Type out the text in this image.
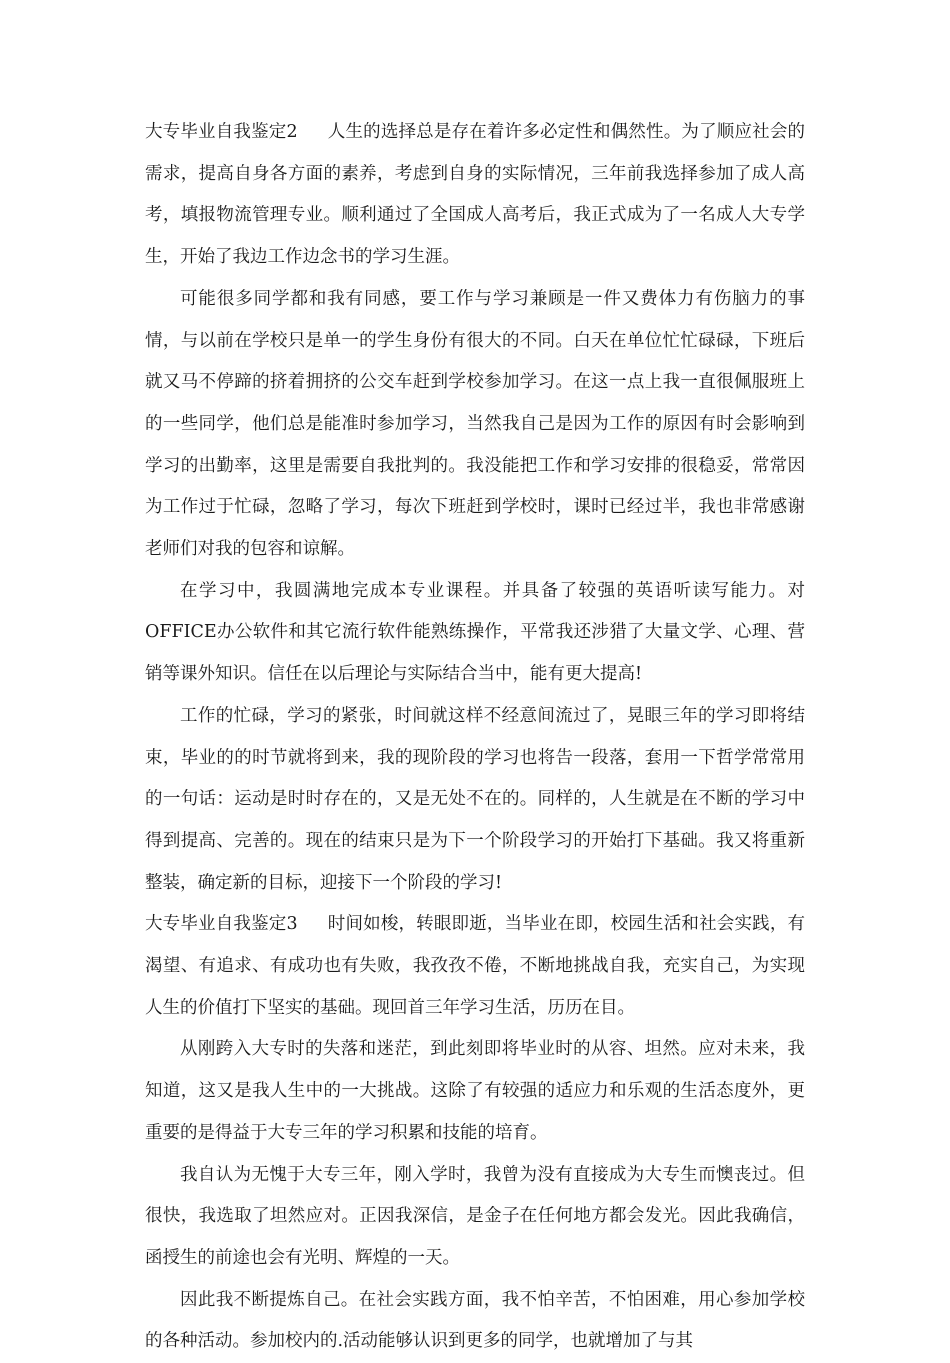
大专毕业自我鉴定2 人生的选择总是存在着许多必定性和偶然性。为了顺应社会的需求，提高自身各方面的素养，考虑到自身的实际情况，三年前我选择参加了成人高考，填报物流管理专业。顺利通过了全国成人高考后，我正式成为了一名成人大专学生，开始了我边工作边念书的学习生涯。

可能很多同学都和我有同感，要工作与学习兼顾是一件又费体力有伤脑力的事情，与以前在学校只是单一的学生身份有很大的不同。白天在单位忙忙碌碌，下班后就又马不停蹄的挤着拥挤的公交车赶到学校参加学习。在这一点上我一直很佩服班上的一些同学，他们总是能准时参加学习，当然我自己是因为工作的原因有时会影响到学习的出勤率，这里是需要自我批判的。我没能把工作和学习安排的很稳妥，常常因为工作过于忙碌，忽略了学习，每次下班赶到学校时，课时已经过半，我也非常感谢老师们对我的包容和谅解。

在学习中，我圆满地完成本专业课程。并具备了较强的英语听读写能力。对OFFICE办公软件和其它流行软件能熟练操作，平常我还涉猎了大量文学、心理、营销等课外知识。信任在以后理论与实际结合当中，能有更大提高!

工作的忙碌，学习的紧张，时间就这样不经意间流过了，晃眼三年的学习即将结束，毕业的的时节就将到来，我的现阶段的学习也将告一段落，套用一下哲学常常用的一句话：运动是时时存在的，又是无处不在的。同样的，人生就是在不断的学习中得到提高、完善的。现在的结束只是为下一个阶段学习的开始打下基础。我又将重新整装，确定新的目标，迎接下一个阶段的学习!

大专毕业自我鉴定3 时间如梭，转眼即逝，当毕业在即，校园生活和社会实践，有渴望、有追求、有成功也有失败，我孜孜不倦，不断地挑战自我，充实自己，为实现人生的价值打下坚实的基础。现回首三年学习生活，历历在目。

从刚跨入大专时的失落和迷茫，到此刻即将毕业时的从容、坦然。应对未来，我知道，这又是我人生中的一大挑战。这除了有较强的适应力和乐观的生活态度外，更重要的是得益于大专三年的学习积累和技能的培育。

我自认为无愧于大专三年，刚入学时，我曾为没有直接成为大专生而懊丧过。但很快，我选取了坦然应对。正因我深信，是金子在任何地方都会发光。因此我确信，函授生的前途也会有光明、辉煌的一天。

因此我不断提炼自己。在社会实践方面，我不怕辛苦，不怕困难，用心参加学校的各种活动。参加校内的.活动能够认识到更多的同学，也就增加了与其
